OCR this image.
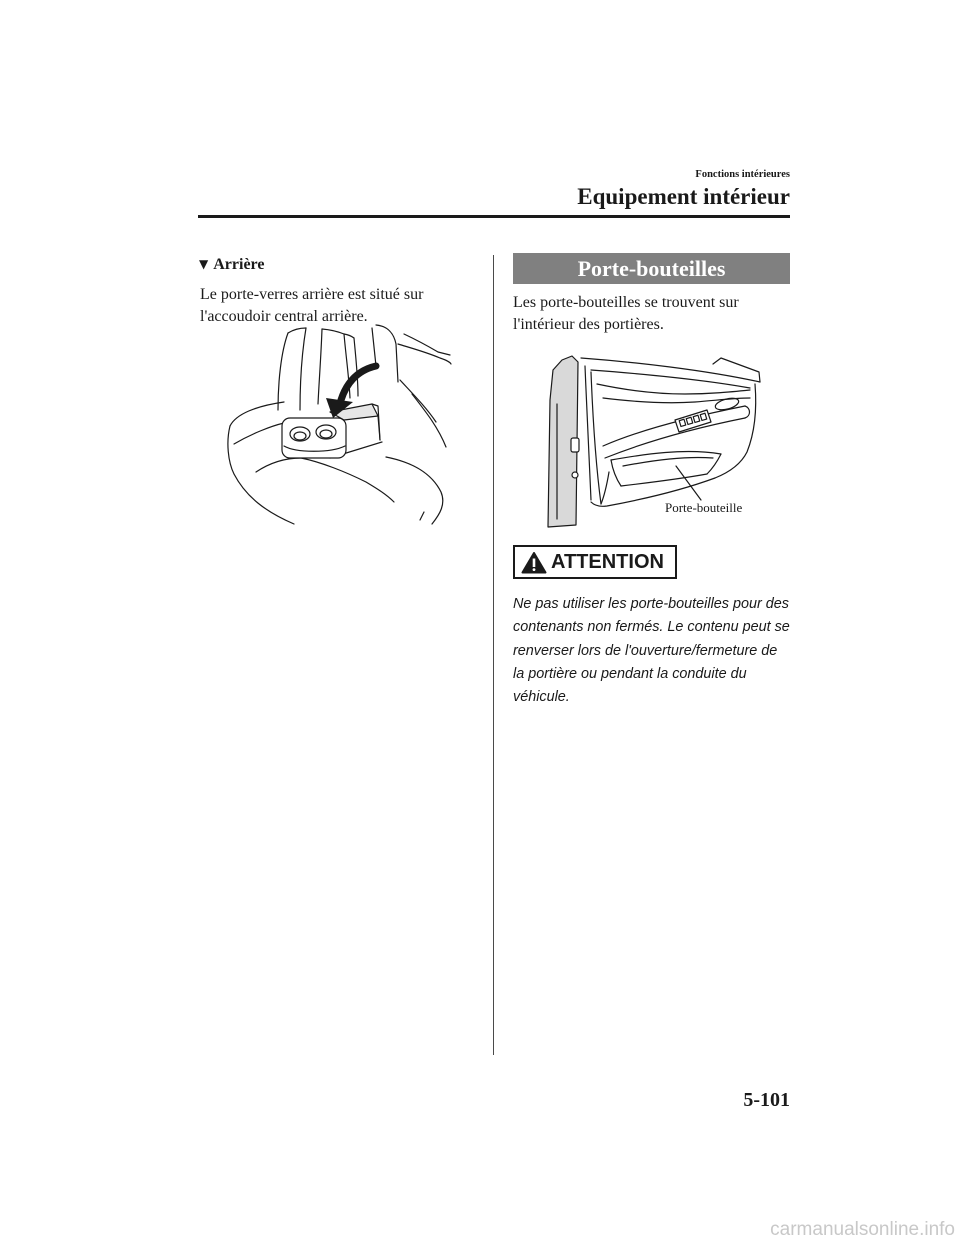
Fonctions intérieures
Equipement intérieur
▼ Arrière
Le porte-verres arrière est situé sur
l'accoudoir central arrière.
Porte-bouteilles
Les porte-bouteilles se trouvent sur
l'intérieur des portières.
Porte-bouteille
ATTENTION
Ne pas utiliser les porte-bouteilles pour des
contenants non fermés. Le contenu peut se
renverser lors de l'ouverture/fermeture de
la portière ou pendant la conduite du
véhicule.
5-101
carmanualsonline.info
